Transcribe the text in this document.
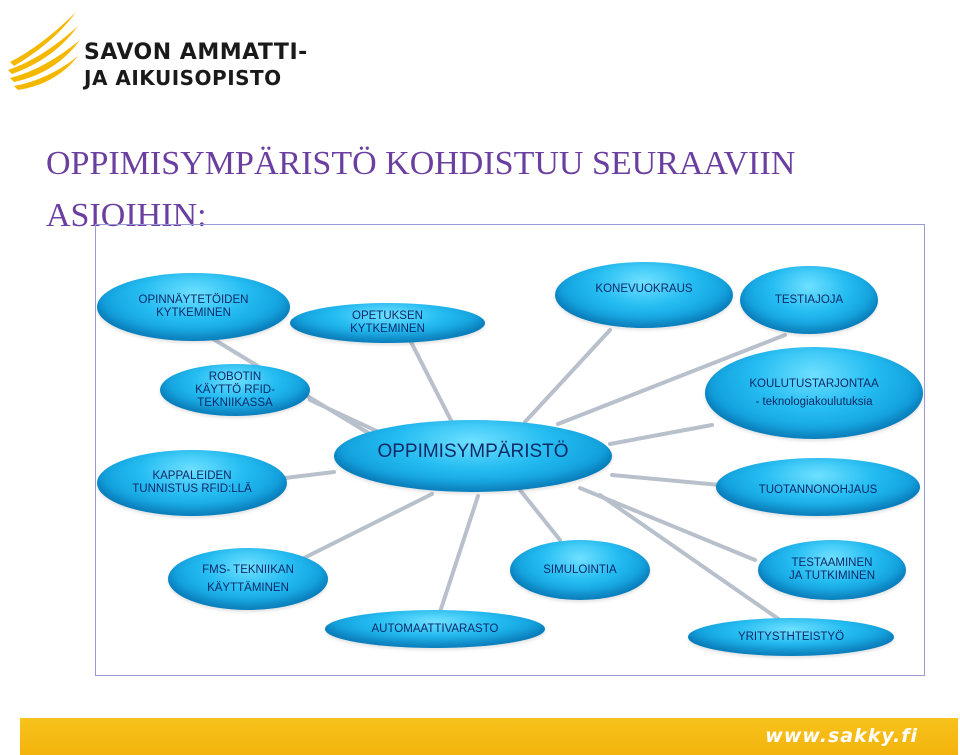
SAVON AMMATTI-
JA AIKUISOPISTO
OPPIMISYMPÄRISTÖ KOHDISTUU SEURAAVIIN ASIOIHIN:
OPINNÄYTETÖIDEN
KYTKEMINEN	OPETUKSEN
KYTKEMINEN
KONEVUOKRAUS
TESTIAJOJA
ROBOTIN
KÄYTTÖ RFID-
TEKNIIKASSA
KOULUTUSTARJONTAA
- teknologiakoulutuksia
OPPIMISYMPÄRISTÖ
KAPPALEIDEN
TUNNISTUS RFID:LLÄ	TUOTANNONOHJAUS
FMS- TEKNIIKAN
KÄYTTÄMINEN
SIMULOINTIA
TESTAAMINEN
JA TUTKIMINEN
AUTOMAATTIVARASTO
YRITYSTHTEISTYÖ
www.sakky.fi
